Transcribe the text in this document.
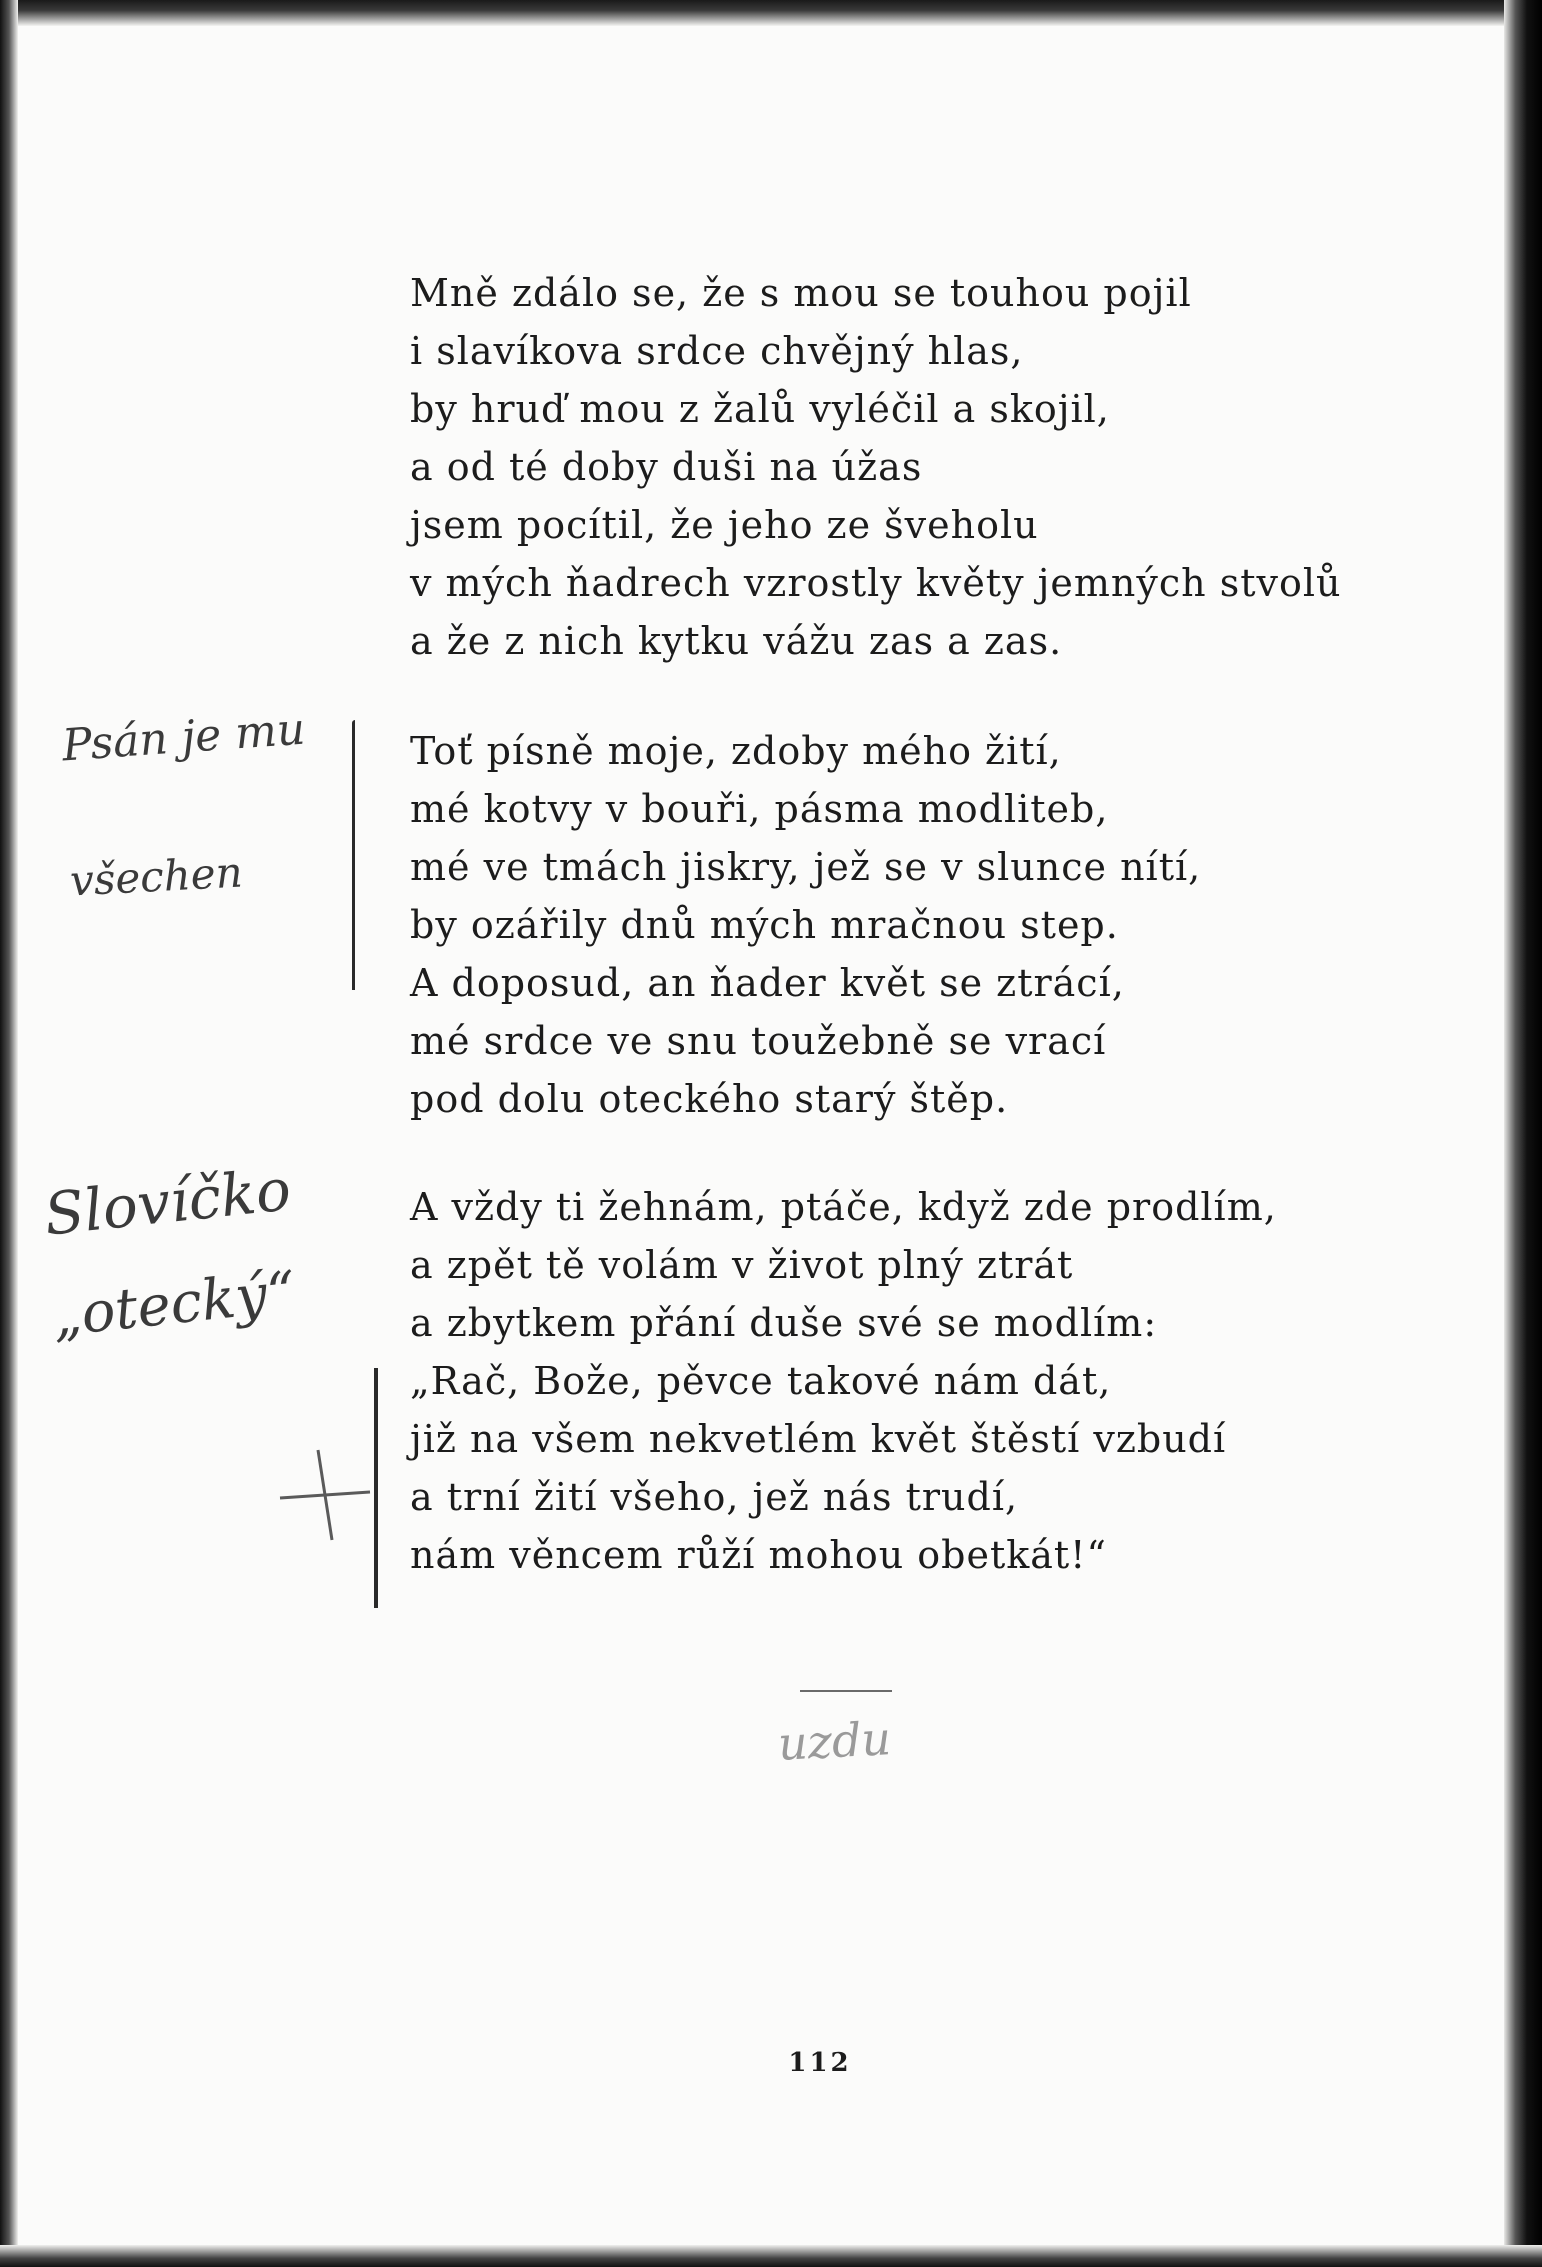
Mně zdálo se, že s mou se touhou pojil
i slavíkova srdce chvějný hlas,
by hruď mou z žalů vyléčil a skojil,
a od té doby duši na úžas
jsem pocítil, že jeho ze šveholu
v mých ňadrech vzrostly květy jemných stvolů
a že z nich kytku vážu zas a zas.
Toť písně moje, zdoby mého žití,
mé kotvy v bouři, pásma modliteb,
mé ve tmách jiskry, jež se v slunce nítí,
by ozářily dnů mých mračnou step.
A doposud, an ňader květ se ztrácí,
mé srdce ve snu toužebně se vrací
pod dolu oteckého starý štěp.
A vždy ti žehnám, ptáče, když zde prodlím,
a zpět tě volám v život plný ztrát
a zbytkem přání duše své se modlím:
„Rač, Bože, pěvce takové nám dát,
již na všem nekvetlém květ štěstí vzbudí
a trní žití všeho, jež nás trudí,
nám věncem růží mohou obetkát!“
Psán je mu
všechen
Slovíčko
„otecký“
uzdu
112
